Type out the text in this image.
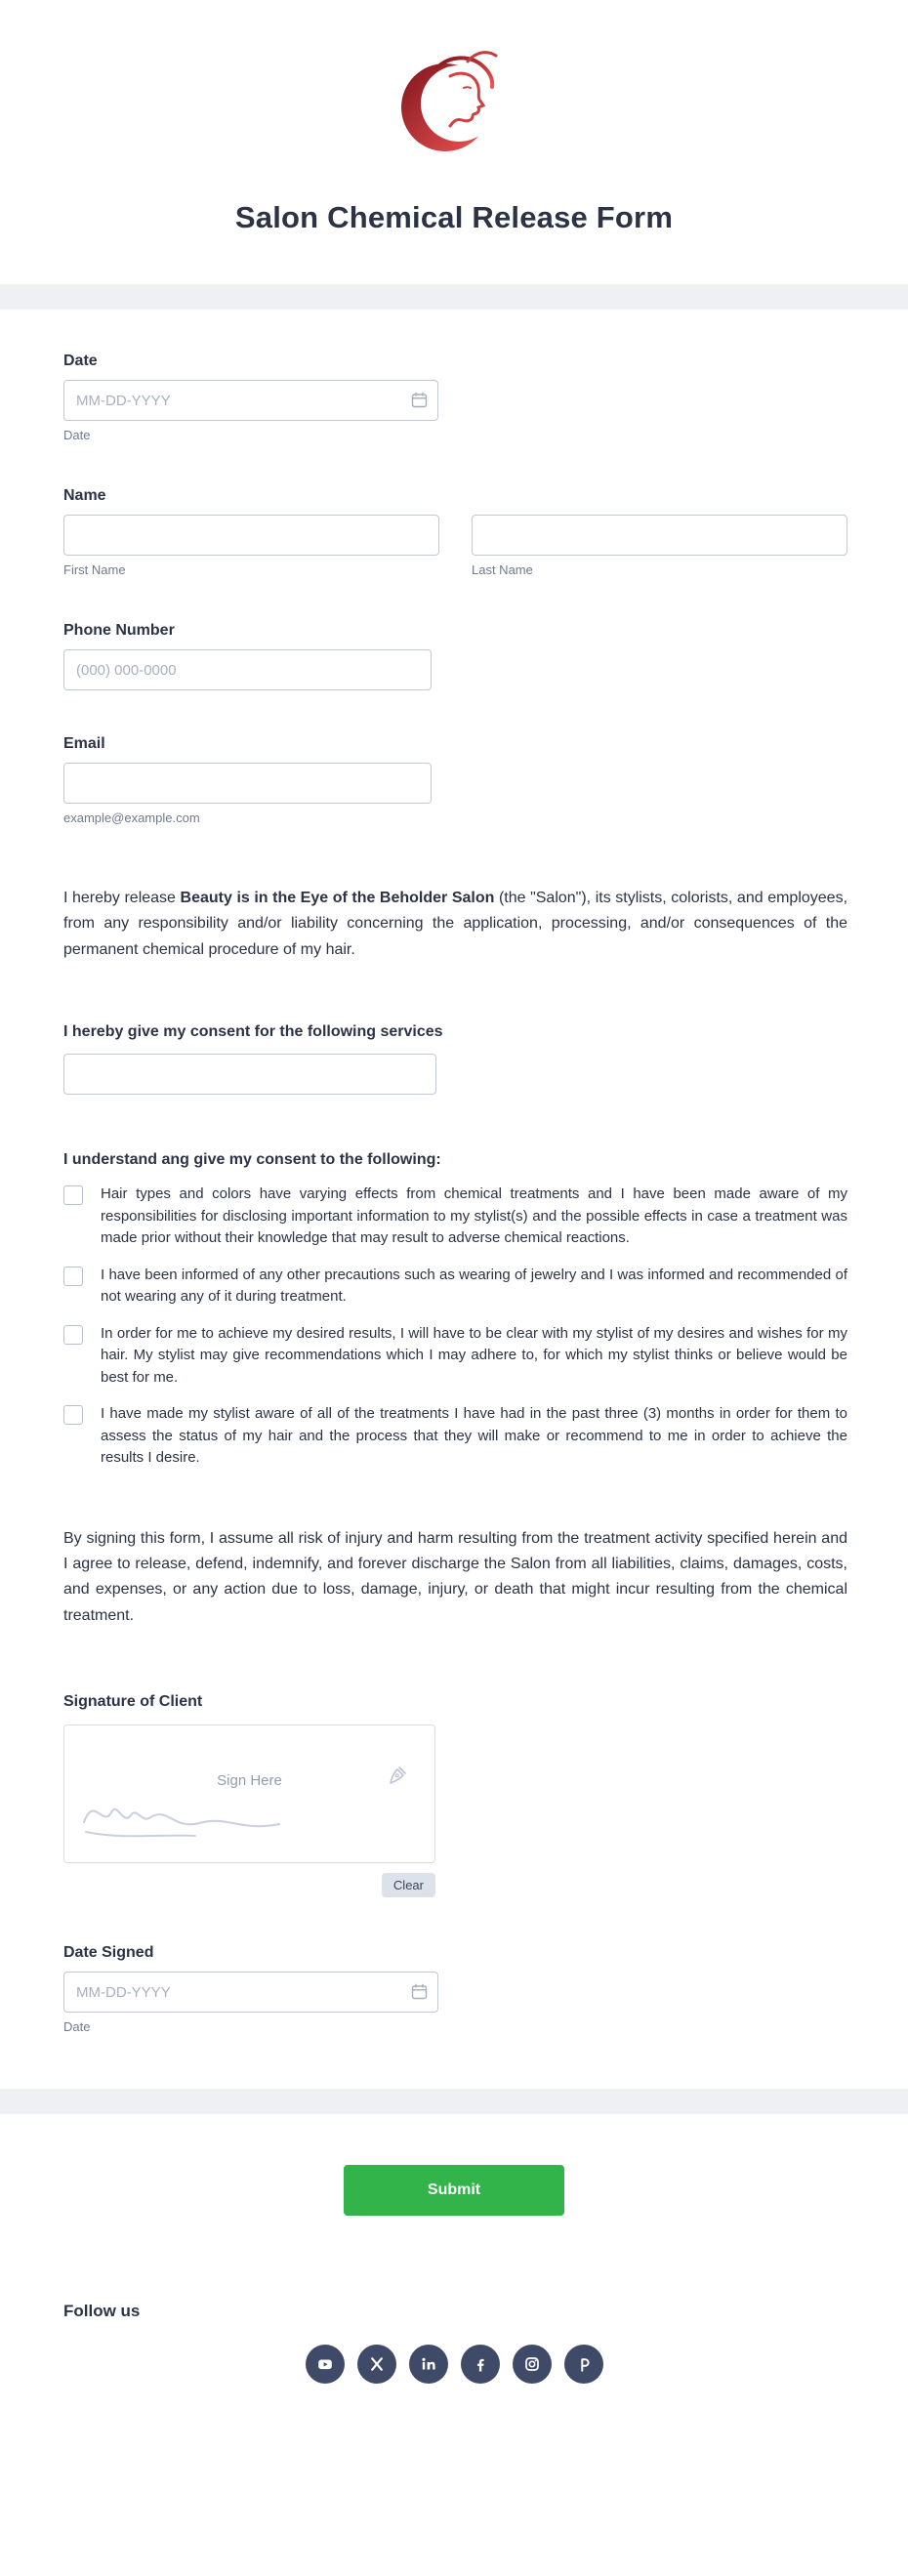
Salon Chemical Release Form
Date
MM-DD-YYYY
Date
Name
First Name	Last Name
Phone Number
(000) 000-0000
Email
example@example.com

I hereby release Beauty is in the Eye of the Beholder Salon (the "Salon"), its stylists, colorists, and employees, from any responsibility and/or liability concerning the application, processing, and/or consequences of the permanent chemical procedure of my hair.

I hereby give my consent for the following services
I understand ang give my consent to the following:
Hair types and colors have varying effects from chemical treatments and I have been made aware of my responsibilities for disclosing important information to my stylist(s) and the possible effects in case a treatment was made prior without their knowledge that may result to adverse chemical reactions.
I have been informed of any other precautions such as wearing of jewelry and I was informed and recommended of not wearing any of it during treatment.
In order for me to achieve my desired results, I will have to be clear with my stylist of my desires and wishes for my hair. My stylist may give recommendations which I may adhere to, for which my stylist thinks or believe would be best for me.
I have made my stylist aware of all of the treatments I have had in the past three (3) months in order for them to assess the status of my hair and the process that they will make or recommend to me in order to achieve the results I desire.

By signing this form, I assume all risk of injury and harm resulting from the treatment activity specified herein and I agree to release, defend, indemnify, and forever discharge the Salon from all liabilities, claims, damages, costs, and expenses, or any action due to loss, damage, injury, or death that might incur resulting from the chemical treatment.

Signature of Client
Sign Here
Clear
Date Signed
MM-DD-YYYY
Date
Submit
Follow us
